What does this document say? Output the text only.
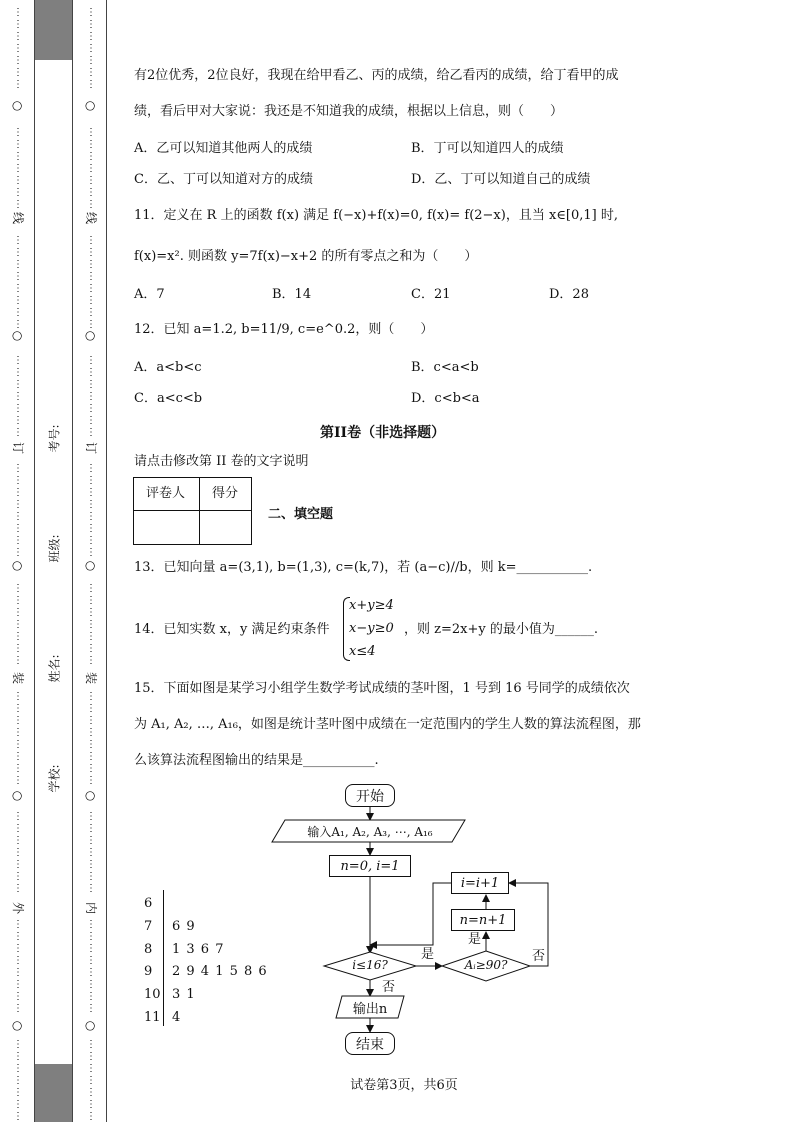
⋮
⋮
⋮
⋮
⋮
⋮
⋮
⋮
⋮
⋮
⋮
⋮
⋮
⋮
⋮
⋮
⋮
⋮
⋮
⋮
⋮
⋮
⋮
⋮
⋮
⋮
⋮
⋮
⋮
⋮
⋮
⋮
⋮
⋮
⋮
⋮
⋮
⋮
⋮
⋮
⋮
⋮
⋮
⋮
⋮
⋮
⋮
⋮
⋮
⋮
⋮
⋮
⋮
⋮
⋮
⋮
⋮
⋮
⋮
⋮
⋮
⋮
⋮
⋮
⋮
⋮
⋮
⋮
⋮
⋮
⋮
⋮
⋮
⋮
○
线
○
订
○
装
○
外
○
⋮
⋮
⋮
⋮
⋮
⋮
⋮
⋮
⋮
⋮
⋮
⋮
⋮
⋮
⋮
⋮
⋮
⋮
⋮
⋮
⋮
⋮
⋮
⋮
⋮
⋮
⋮
⋮
⋮
⋮
⋮
⋮
⋮
⋮
⋮
⋮
⋮
⋮
⋮
⋮
⋮
⋮
⋮
⋮
⋮
⋮
⋮
⋮
⋮
⋮
⋮
⋮
⋮
⋮
⋮
⋮
⋮
⋮
⋮
⋮
⋮
⋮
⋮
⋮
⋮
⋮
⋮
⋮
⋮
⋮
⋮
⋮
⋮
⋮
○
线
○
订
○
装
○
内
○
考号:
班级:
姓名:
学校:
有2位优秀，2位良好，我现在给甲看乙、丙的成绩，给乙看丙的成绩，给丁看甲的成
绩，看后甲对大家说：我还是不知道我的成绩，根据以上信息，则（　　）
A．乙可以知道其他两人的成绩	B．丁可以知道四人的成绩
C．乙、丁可以知道对方的成绩	D．乙、丁可以知道自己的成绩
11．定义在 R 上的函数 f(x) 满足 f(−x)+f(x)=0, f(x)= f(2−x)，且当 x∈[0,1] 时,
f(x)=x². 则函数 y=7f(x)−x+2 的所有零点之和为（　　）
A．7	B．14	C．21	D．28
12．已知 a=1.2, b=11/9, c=e^0.2，则（　　）
A．a<b<c	B．c<a<b
C．a<c<b	D．c<b<a
第II卷（非选择题）
请点击修改第 II 卷的文字说明
评卷人 得分
二、填空题
13．已知向量 a=(3,1), b=(1,3), c=(k,7)，若 (a−c)//b，则 k=___________.
14．已知实数 x，y 满足约束条件
x+y≥4
x−y≥0
x≤4
，则 z=2x+y 的最小值为______.
15．下面如图是某学习小组学生数学考试成绩的茎叶图，1 号到 16 号同学的成绩依次
为 A₁, A₂, …, A₁₆，如图是统计茎叶图中成绩在一定范围内的学生人数的算法流程图，那
么该算法流程图输出的结果是___________.
6
7 6 9
8 1 3 6 7
9 2 9 4 1 5 8 6
10 3 1
11 4
开始
输入A₁, A₂, A₃, ⋯, A₁₆
n=0, i=1
i=i+1
n=n+1
i≤16?	Aᵢ≥90?
是
是
否
否
输出n
结束
试卷第3页，共6页
